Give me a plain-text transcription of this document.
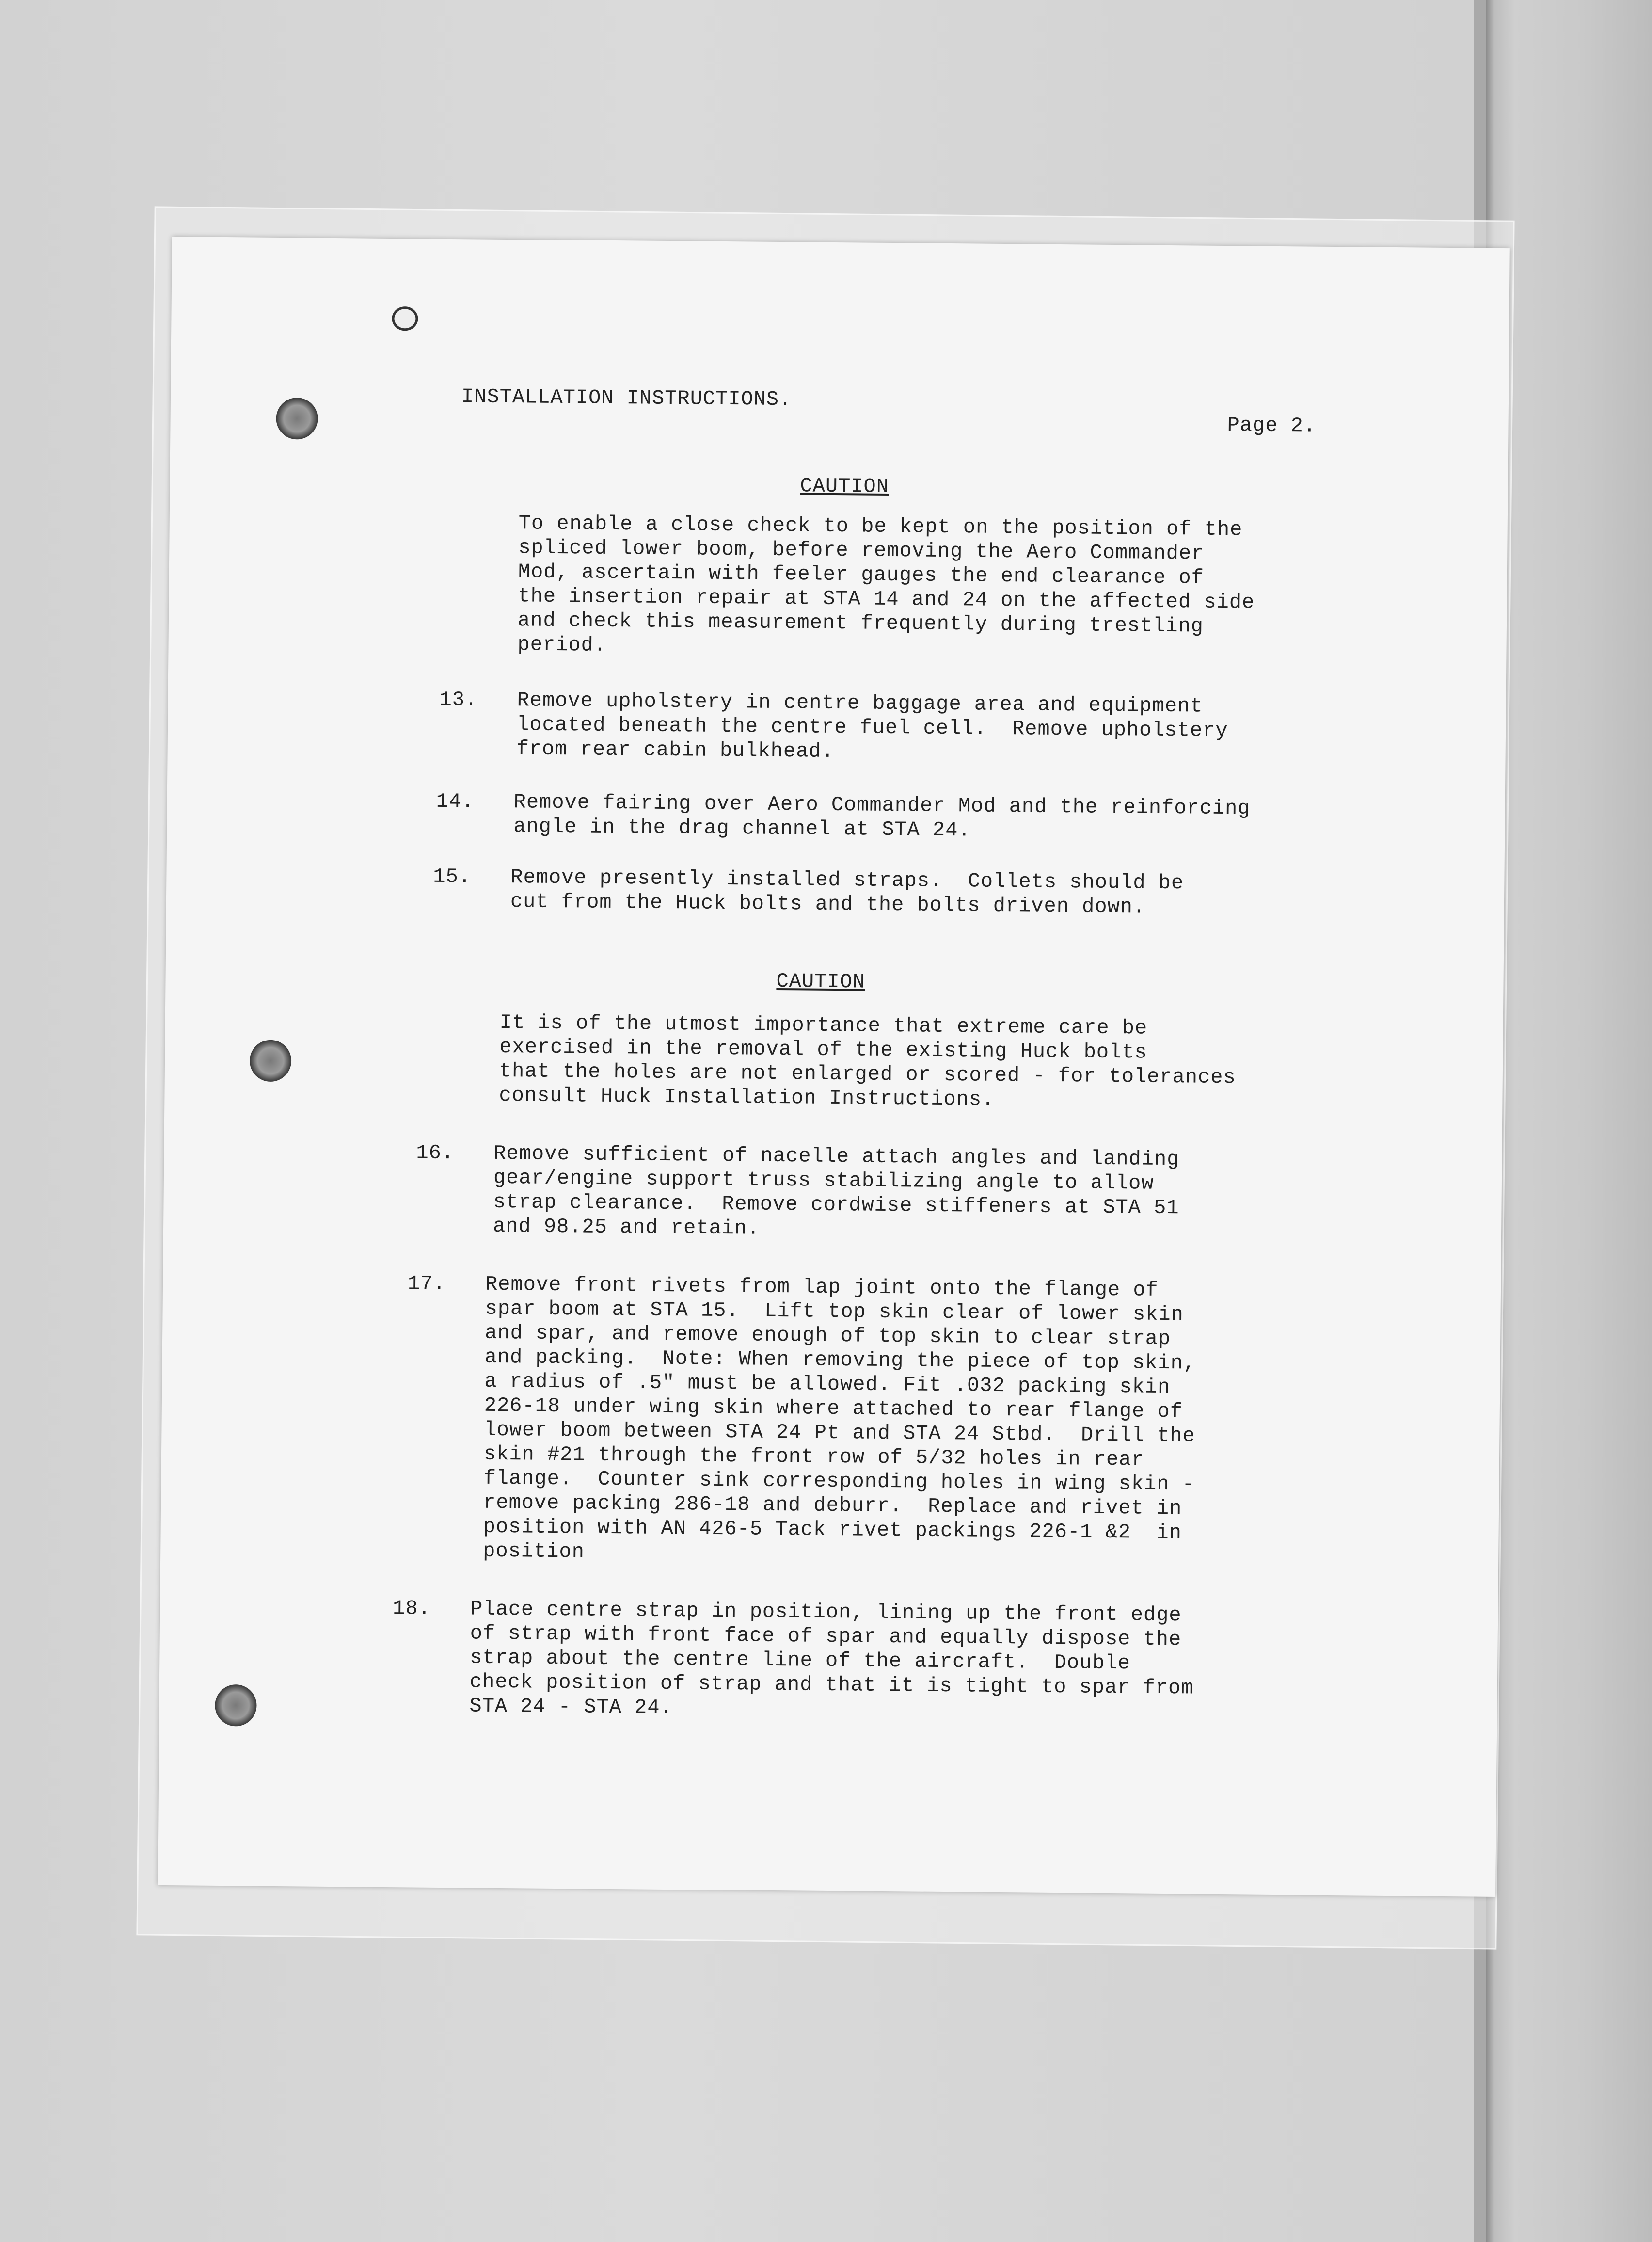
INSTALLATION INSTRUCTIONS.
Page 2.
CAUTION
To enable a close check to be kept on the position of the
spliced lower boom, before removing the Aero Commander
Mod, ascertain with feeler gauges the end clearance of
the insertion repair at STA 14 and 24 on the affected side
and check this measurement frequently during trestling
period.
13. Remove upholstery in centre baggage area and equipment
located beneath the centre fuel cell.  Remove upholstery
from rear cabin bulkhead.
14. Remove fairing over Aero Commander Mod and the reinforcing
angle in the drag channel at STA 24.
15. Remove presently installed straps.  Collets should be
cut from the Huck bolts and the bolts driven down.
CAUTION
It is of the utmost importance that extreme care be
exercised in the removal of the existing Huck bolts
that the holes are not enlarged or scored - for tolerances
consult Huck Installation Instructions.
16. Remove sufficient of nacelle attach angles and landing
gear/engine support truss stabilizing angle to allow
strap clearance.  Remove cordwise stiffeners at STA 51
and 98.25 and retain.
17. Remove front rivets from lap joint onto the flange of
spar boom at STA 15.  Lift top skin clear of lower skin
and spar, and remove enough of top skin to clear strap
and packing.  Note: When removing the piece of top skin,
a radius of .5" must be allowed. Fit .032 packing skin
226-18 under wing skin where attached to rear flange of
lower boom between STA 24 Pt and STA 24 Stbd.  Drill the
skin #21 through the front row of 5/32 holes in rear
flange.  Counter sink corresponding holes in wing skin -
remove packing 286-18 and deburr.  Replace and rivet in
position with AN 426-5 Tack rivet packings 226-1 &2  in
position
18. Place centre strap in position, lining up the front edge
of strap with front face of spar and equally dispose the
strap about the centre line of the aircraft.  Double
check position of strap and that it is tight to spar from
STA 24 - STA 24.
